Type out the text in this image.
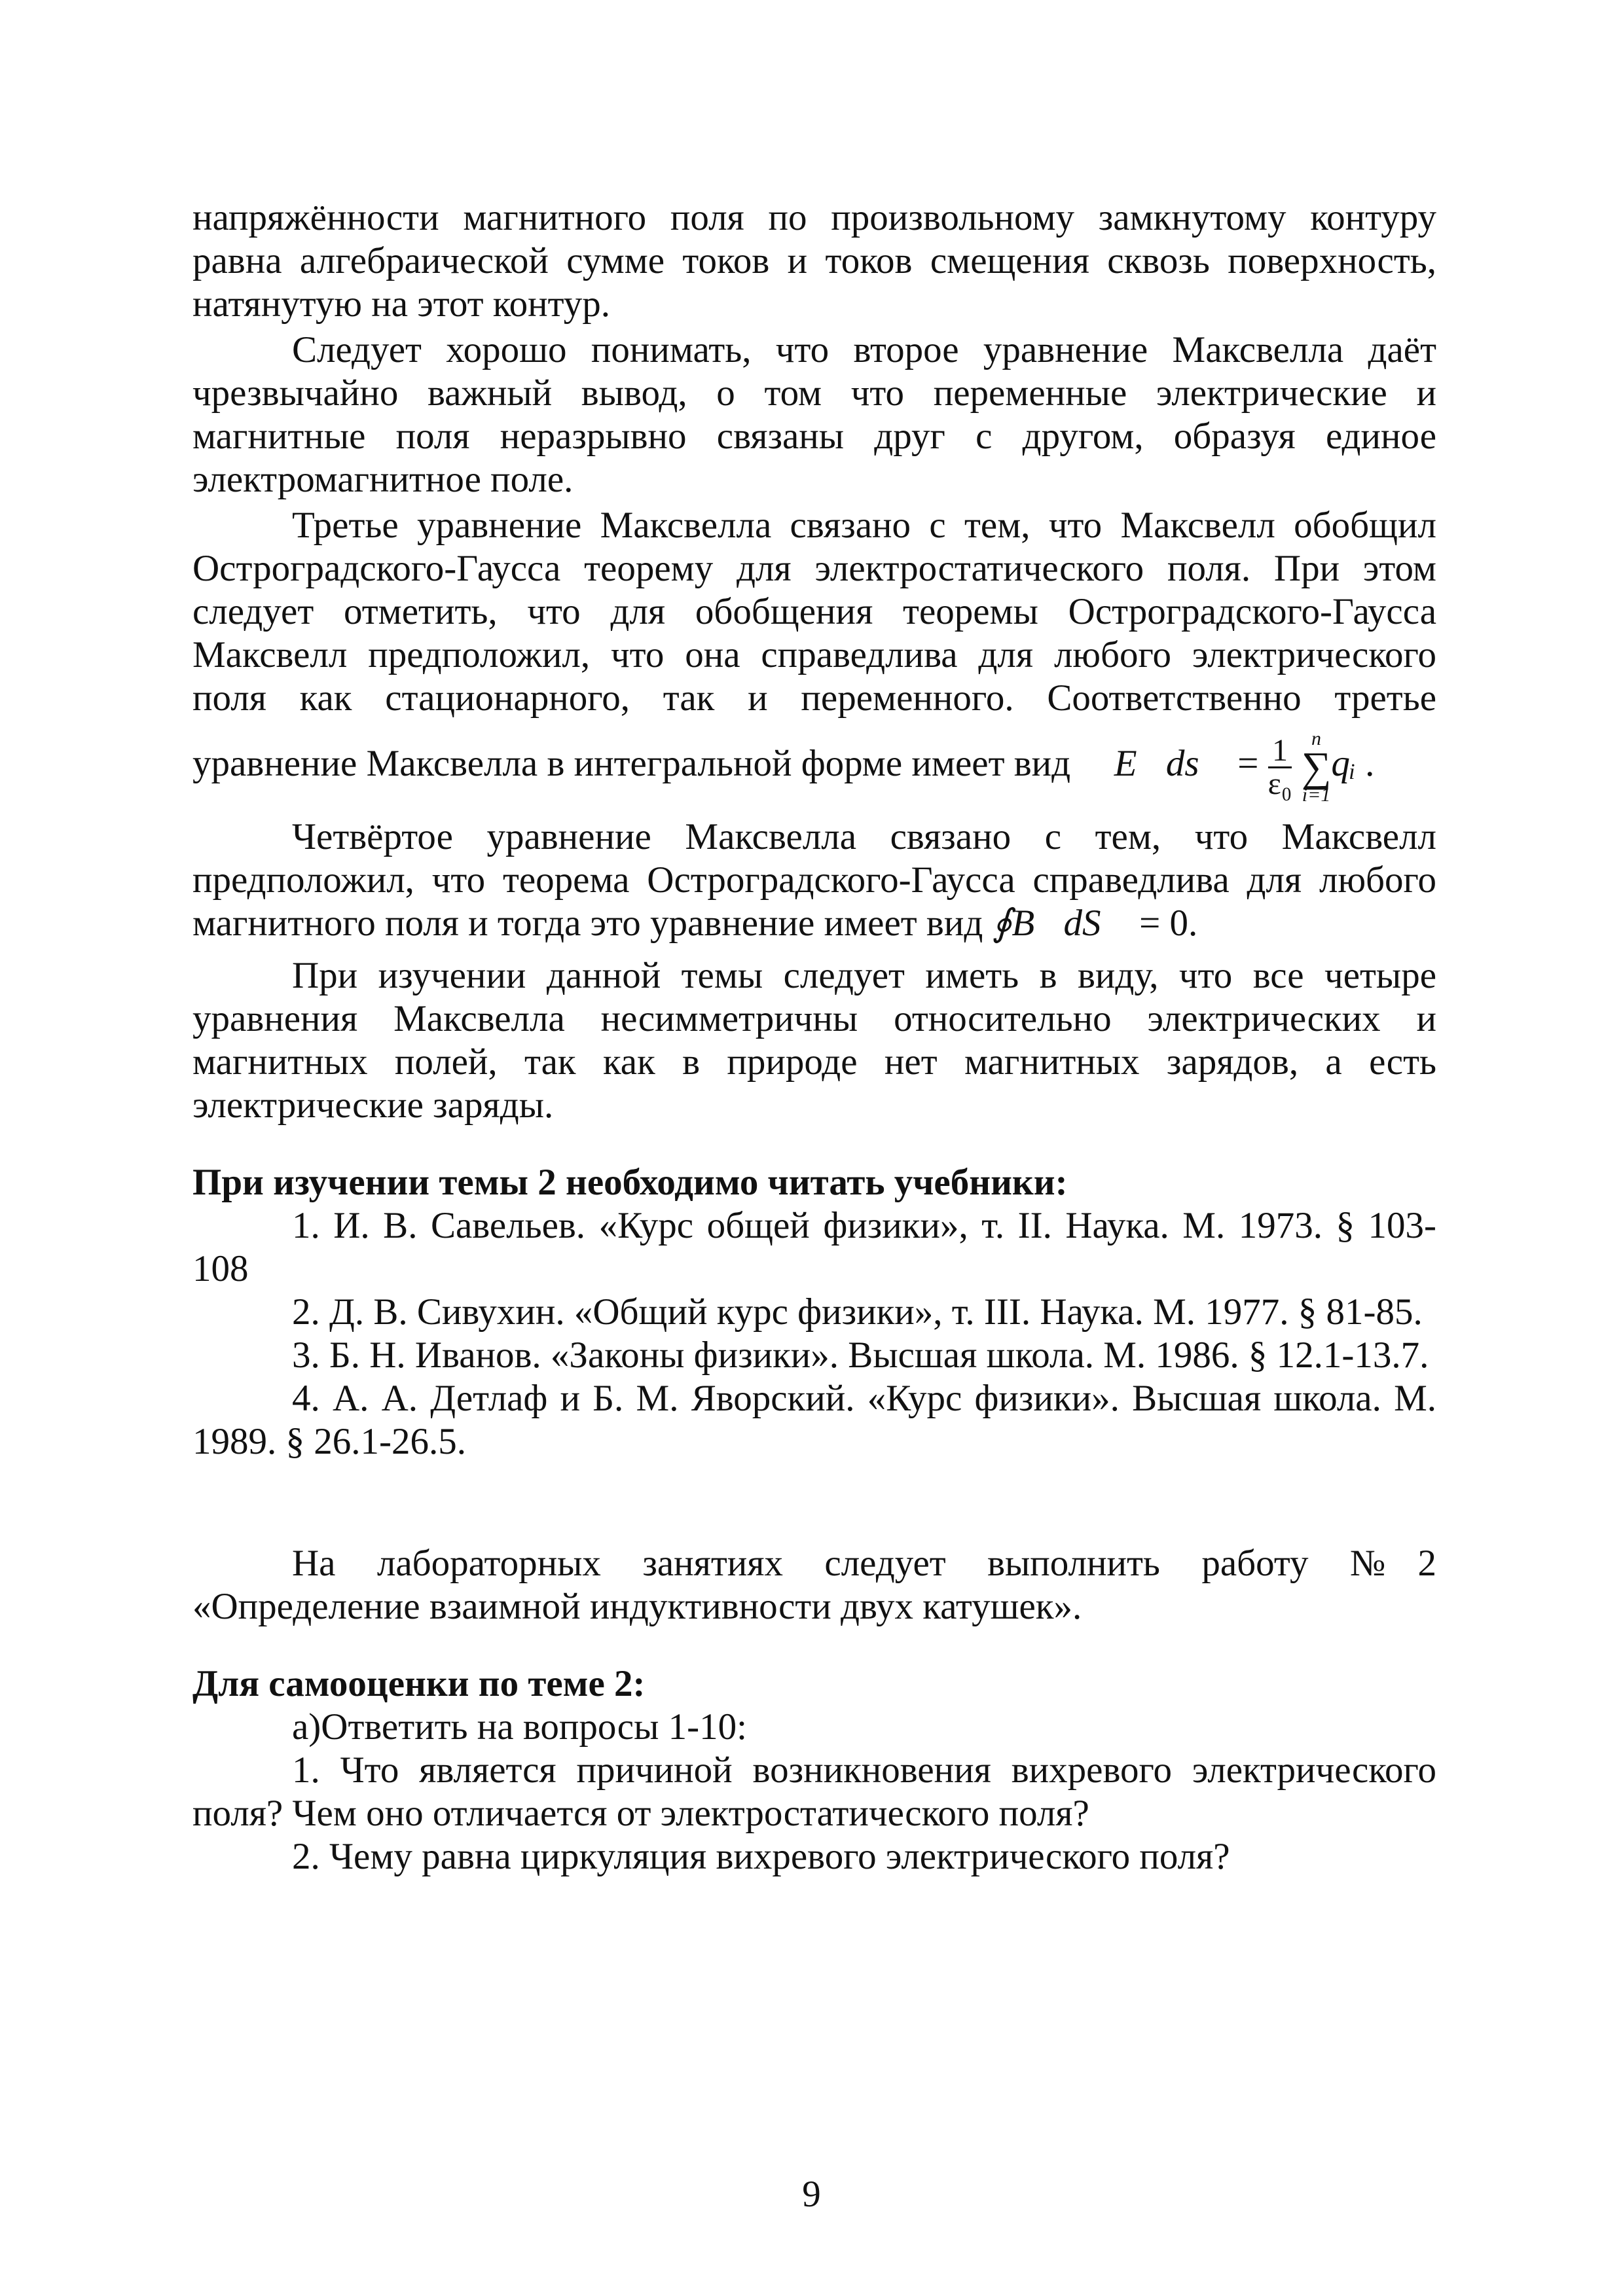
напряжённости магнитного поля по произвольному замкнутому контуру

равна алгебраической сумме токов и токов смещения сквозь поверхность,

натянутую на этот контур.

Следует хорошо понимать, что второе уравнение Максвелла даёт

чрезвычайно важный вывод, о том что переменные электрические и

магнитные поля неразрывно связаны друг с другом, образуя единое

электромагнитное поле.

Третье уравнение Максвелла связано с тем, что Максвелл обобщил

Остроградского-Гаусса теорему для электростатического поля. При этом

следует отметить, что для обобщения теоремы Остроградского-Гаусса

Максвелл предположил, что она справедлива для любого электрического

поля как стационарного, так и переменного. Соответственно третье

уравнение Максвелла в интегральной форме имеет вид ∮E⃗ds⃗ = $\frac{1}{\text{ε₀}}$ n
∑
i=1qᵢ .

Четвёртое уравнение Максвелла связано с тем, что Максвелл

предположил, что теорема Остроградского-Гаусса справедлива для любого

магнитного поля и тогда это уравнение имеет вид ∮B⃗dS⃗ = 0.

При изучении данной темы следует иметь в виду, что все четыре

уравнения Максвелла несимметричны относительно электрических и

магнитных полей, так как в природе нет магнитных зарядов, а есть

электрические заряды.

При изучении темы 2 необходимо читать учебники:

1. И. В. Савельев. «Курс общей физики», т. II. Наука. М. 1973. § 103-108

2. Д. В. Сивухин. «Общий курс физики», т. III. Наука. М. 1977. § 81-85.

3. Б. Н. Иванов. «Законы физики». Высшая школа. М. 1986. § 12.1-13.7.

4. А. А. Детлаф и Б. М. Яворский. «Курс физики». Высшая школа. М. 1989. § 26.1-26.5.

На лабораторных занятиях следует выполнить работу №2

«Определение взаимной индуктивности двух катушек».

Для самооценки по теме 2:

а)Ответить на вопросы 1-10:

1. Что является причиной возникновения вихревого электрического поля? Чем оно отличается от электростатического поля?

2. Чему равна циркуляция вихревого электрического поля?

9
